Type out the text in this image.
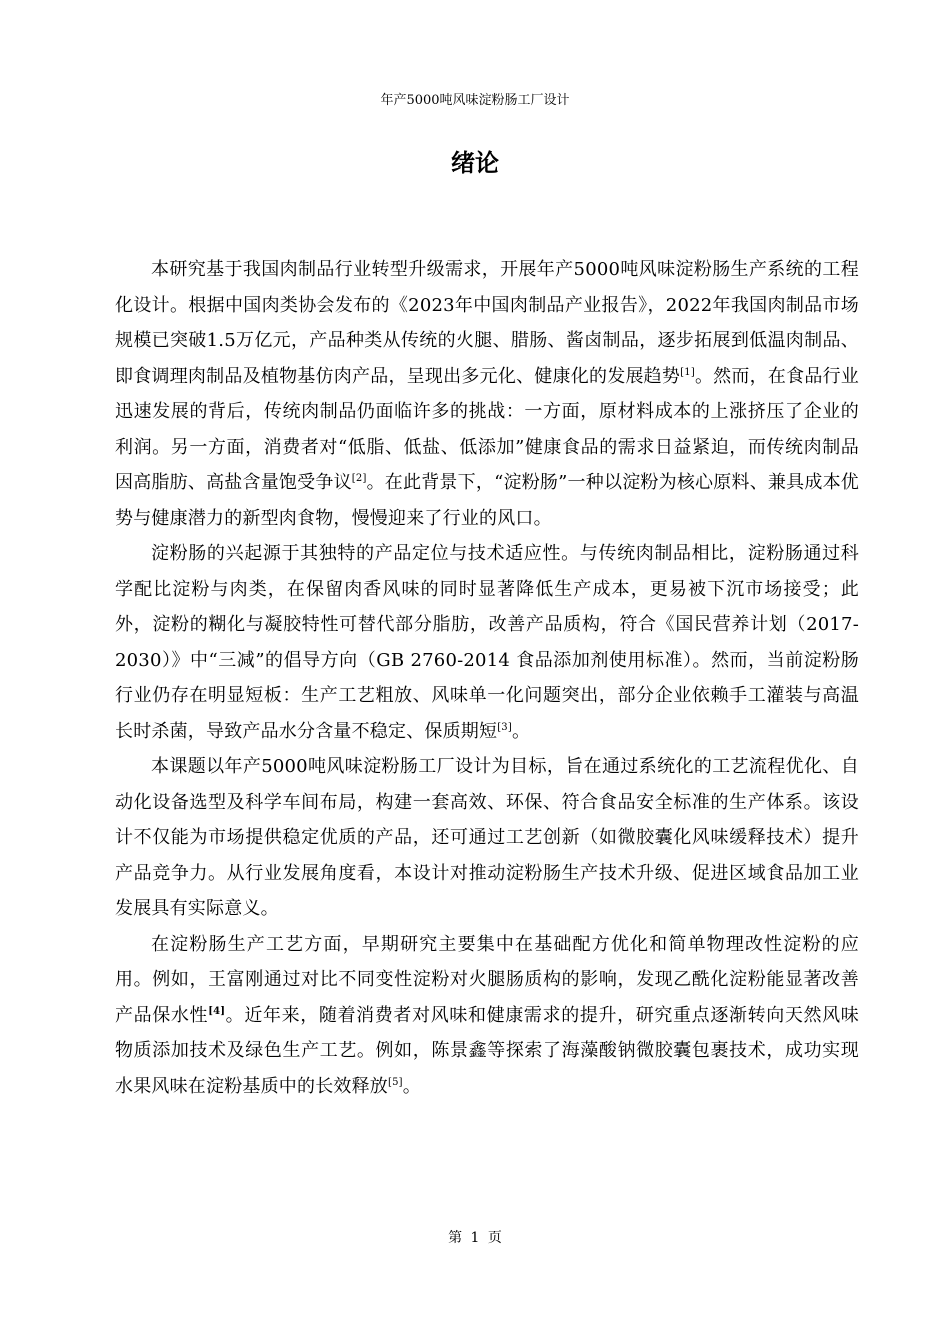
年产5000吨风味淀粉肠工厂设计
绪论

本研究基于我国肉制品行业转型升级需求，开展年产5000吨风味淀粉肠生产系统的工程化设计。根据中国肉类协会发布的《2023年中国肉制品产业报告》，2022年我国肉制品市场规模已突破1.5万亿元，产品种类从传统的火腿、腊肠、酱卤制品，逐步拓展到低温肉制品、即食调理肉制品及植物基仿肉产品，呈现出多元化、健康化的发展趋势[1]。然而，在食品行业迅速发展的背后，传统肉制品仍面临许多的挑战：一方面，原材料成本的上涨挤压了企业的利润。另一方面，消费者对“低脂、低盐、低添加”健康食品的需求日益紧迫，而传统肉制品因高脂肪、高盐含量饱受争议[2]。在此背景下，“淀粉肠”一种以淀粉为核心原料、兼具成本优势与健康潜力的新型肉食物，慢慢迎来了行业的风口。

淀粉肠的兴起源于其独特的产品定位与技术适应性。与传统肉制品相比，淀粉肠通过科学配比淀粉与肉类，在保留肉香风味的同时显著降低生产成本，更易被下沉市场接受；此外，淀粉的糊化与凝胶特性可替代部分脂肪，改善产品质构，符合《国民营养计划（2017-2030）》中“三减”的倡导方向（GB 2760-2014 食品添加剂使用标准）。然而，当前淀粉肠行业仍存在明显短板：生产工艺粗放、风味单一化问题突出，部分企业依赖手工灌装与高温长时杀菌，导致产品水分含量不稳定、保质期短[3]。

本课题以年产5000吨风味淀粉肠工厂设计为目标，旨在通过系统化的工艺流程优化、自动化设备选型及科学车间布局，构建一套高效、环保、符合食品安全标准的生产体系。该设计不仅能为市场提供稳定优质的产品，还可通过工艺创新（如微胶囊化风味缓释技术）提升产品竞争力。从行业发展角度看，本设计对推动淀粉肠生产技术升级、促进区域食品加工业发展具有实际意义。

在淀粉肠生产工艺方面，早期研究主要集中在基础配方优化和简单物理改性淀粉的应用。例如，王富刚通过对比不同变性淀粉对火腿肠质构的影响，发现乙酰化淀粉能显著改善产品保水性[4]。近年来，随着消费者对风味和健康需求的提升，研究重点逐渐转向天然风味物质添加技术及绿色生产工艺。例如，陈景鑫等探索了海藻酸钠微胶囊包裹技术，成功实现水果风味在淀粉基质中的长效释放[5]。

第 1 页
